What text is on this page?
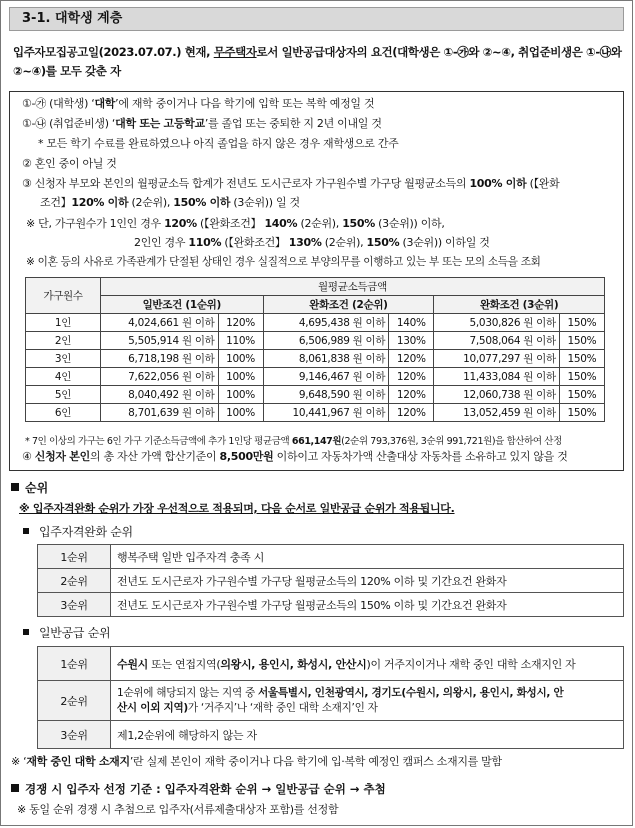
3-1. 대학생 계층
입주자모집공고일(2023.07.07.) 현재, 무주택자로서 일반공급대상자의 요건(대학생은 ①-㉮와 ②~④, 취업준비생은 ①-㉯와 ②~④)를 모두 갖춘 자
①-㉮ (대학생) ‘대학’에 재학 중이거나 다음 학기에 입학 또는 복학 예정일 것
①-㉯ (취업준비생) ‘대학 또는 고등학교’를 졸업 또는 중퇴한 지 2년 이내일 것
* 모든 학기 수료를 완료하였으나 아직 졸업을 하지 않은 경우 재학생으로 간주
② 혼인 중이 아닐 것
③ 신청자 부모와 본인의 월평균소득 합계가 전년도 도시근로자 가구원수별 가구당 월평균소득의 100% 이하 (【완화
조건】120% 이하 (2순위), 150% 이하 (3순위)) 일 것
※ 단, 가구원수가 1인인 경우 120% (【완화조건】 140% (2순위), 150% (3순위)) 이하,
2인인 경우 110% (【완화조건】 130% (2순위), 150% (3순위)) 이하일 것
※ 이혼 등의 사유로 가족관계가 단절된 상태인 경우 실질적으로 부양의무를 이행하고 있는 부 또는 모의 소득을 조회
④ 신청자 본인의 총 자산 가액 합산기준이 8,500만원 이하이고 자동차가액 산출대상 자동차를 소유하고 있지 않을 것
가구원수	월평균소득금액					
	일반조건 (1순위)		완화조건 (2순위)		완화조건 (3순위)	
1인	4,024,661 원 이하	120%	4,695,438 원 이하	140%	5,030,826 원 이하	150%
2인	5,505,914 원 이하	110%	6,506,989 원 이하	130%	7,508,064 원 이하	150%
3인	6,718,198 원 이하	100%	8,061,838 원 이하	120%	10,077,297 원 이하	150%
4인	7,622,056 원 이하	100%	9,146,467 원 이하	120%	11,433,084 원 이하	150%
5인	8,040,492 원 이하	100%	9,648,590 원 이하	120%	12,060,738 원 이하	150%
6인	8,701,639 원 이하	100%	10,441,967 원 이하	120%	13,052,459 원 이하	150%
* 7인 이상의 가구는 6인 가구 기준소득금액에 추가 1인당 평균금액 661,147원(2순위 793,376원, 3순위 991,721원)을 합산하여 산정
순위
※ 입주자격완화 순위가 가장 우선적으로 적용되며, 다음 순서로 일반공급 순위가 적용됩니다.
입주자격완화 순위
1순위	행복주택 일반 입주자격 충족 시
2순위	전년도 도시근로자 가구원수별 가구당 월평균소득의 120% 이하 및 기간요건 완화자
3순위	전년도 도시근로자 가구원수별 가구당 월평균소득의 150% 이하 및 기간요건 완화자
일반공급 순위
1순위	수원시 또는 연접지역(의왕시, 용인시, 화성시, 안산시)이 거주지이거나 재학 중인 대학 소재지인 자
2순위	1순위에 해당되지 않는 지역 중 서울특별시, 인천광역시, 경기도(수원시, 의왕시, 용인시, 화성시, 안
산시 이외 지역)가 ‘거주지’나 ‘재학 중인 대학 소재지’인 자
3순위	제1,2순위에 해당하지 않는 자
※ ‘재학 중인 대학 소재지’란 실제 본인이 재학 중이거나 다음 학기에 입·복학 예정인 캠퍼스 소재지를 말함
경쟁 시 입주자 선정 기준 : 입주자격완화 순위 → 일반공급 순위 → 추첨
※ 동일 순위 경쟁 시 추첨으로 입주자(서류제출대상자 포함)를 선정함
